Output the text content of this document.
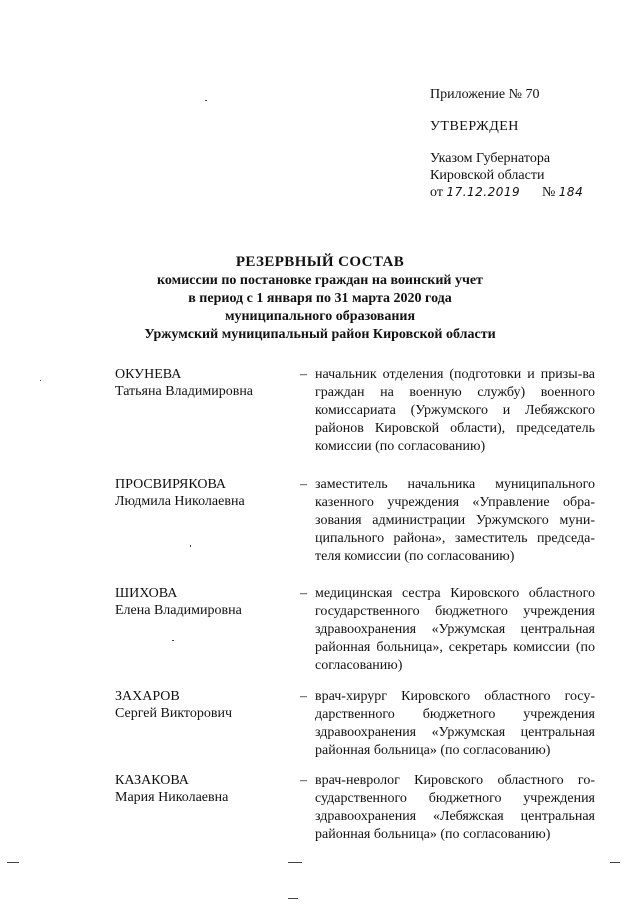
Приложение № 70
УТВЕРЖДЕН
Указом Губернатора
Кировской области
от 17.12.2019 № 184
РЕЗЕРВНЫЙ СОСТАВ
комиссии по постановке граждан на воинский учет
в период с 1 января по 31 марта 2020 года
муниципального образования
Уржумский муниципальный район Кировской области
ОКУНЕВА
Татьяна Владимировна
– начальник отделения (подготовки и призы-ва граждан на военную службу) военного комиссариата (Уржумского и Лебяжского районов Кировской области), председатель комиссии (по согласованию)
ПРОСВИРЯКОВА
Людмила Николаевна
– заместитель начальника муниципального казенного учреждения «Управление обра-зования администрации Уржумского муни-ципального района», заместитель председа-теля комиссии (по согласованию)
ШИХОВА
Елена Владимировна
– медицинская сестра Кировского областного государственного бюджетного учреждения здравоохранения «Уржумская центральная районная больница», секретарь комиссии (по согласованию)
ЗАХАРОВ
Сергей Викторович
– врач-хирург Кировского областного госу-дарственного бюджетного учреждения здравоохранения «Уржумская центральная районная больница» (по согласованию)
КАЗАКОВА
Мария Николаевна
– врач-невролог Кировского областного го-сударственного бюджетного учреждения здравоохранения «Лебяжская центральная районная больница» (по согласованию)
